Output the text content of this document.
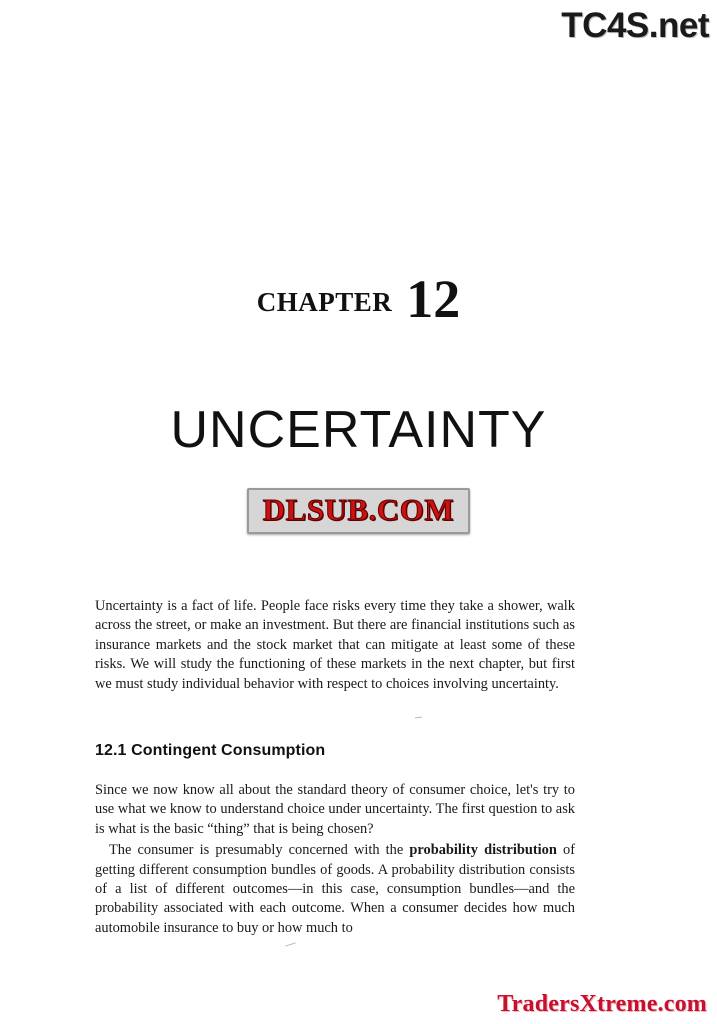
TC4S.net
CHAPTER 12
UNCERTAINTY
DLSUB.COM

Uncertainty is a fact of life. People face risks every time they take a shower, walk across the street, or make an investment. But there are financial institutions such as insurance markets and the stock market that can mitigate at least some of these risks. We will study the functioning of these markets in the next chapter, but first we must study individual behavior with respect to choices involving uncertainty.

12.1 Contingent Consumption

Since we now know all about the standard theory of consumer choice, let's try to use what we know to understand choice under uncertainty. The first question to ask is what is the basic “thing” that is being chosen?

The consumer is presumably concerned with the probability distribution of getting different consumption bundles of goods. A probability distribution consists of a list of different outcomes—in this case, consumption bundles—and the probability associated with each outcome. When a consumer decides how much automobile insurance to buy or how much to

TradersXtreme.com
